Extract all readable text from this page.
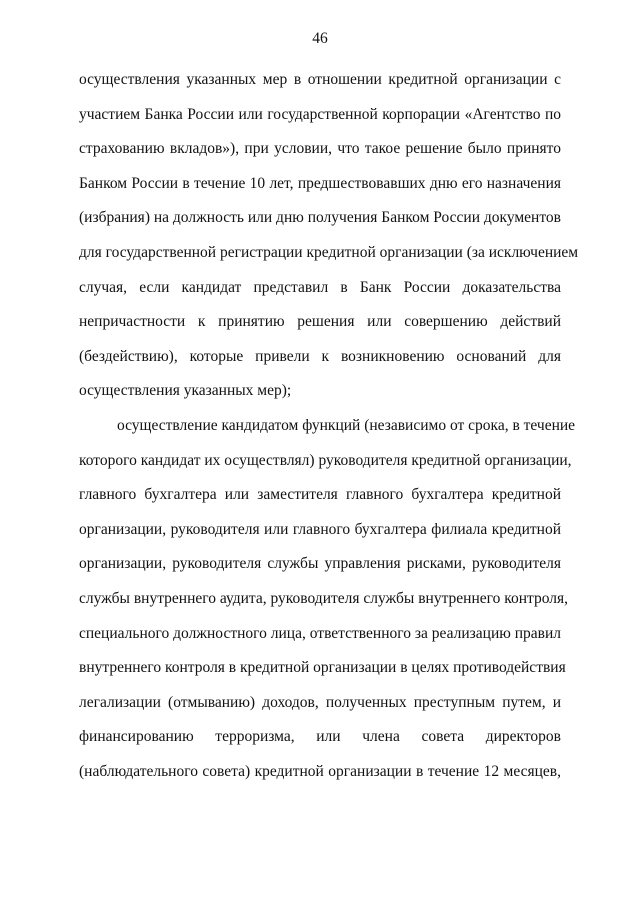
46
осуществления указанных мер в отношении кредитной организации с
участием Банка России или государственной корпорации «Агентство по
страхованию вкладов»), при условии, что такое решение было принято
Банком России в течение 10 лет, предшествовавших дню его назначения
(избрания) на должность или дню получения Банком России документов
для государственной регистрации кредитной организации (за исключением
случая, если кандидат представил в Банк России доказательства
непричастности к принятию решения или совершению действий
(бездействию), которые привели к возникновению оснований для
осуществления указанных мер);
осуществление кандидатом функций (независимо от срока, в течение
которого кандидат их осуществлял) руководителя кредитной организации,
главного бухгалтера или заместителя главного бухгалтера кредитной
организации, руководителя или главного бухгалтера филиала кредитной
организации, руководителя службы управления рисками, руководителя
службы внутреннего аудита, руководителя службы внутреннего контроля,
специального должностного лица, ответственного за реализацию правил
внутреннего контроля в кредитной организации в целях противодействия
легализации (отмыванию) доходов, полученных преступным путем, и
финансированию терроризма, или члена совета директоров
(наблюдательного совета) кредитной организации в течение 12 месяцев,
